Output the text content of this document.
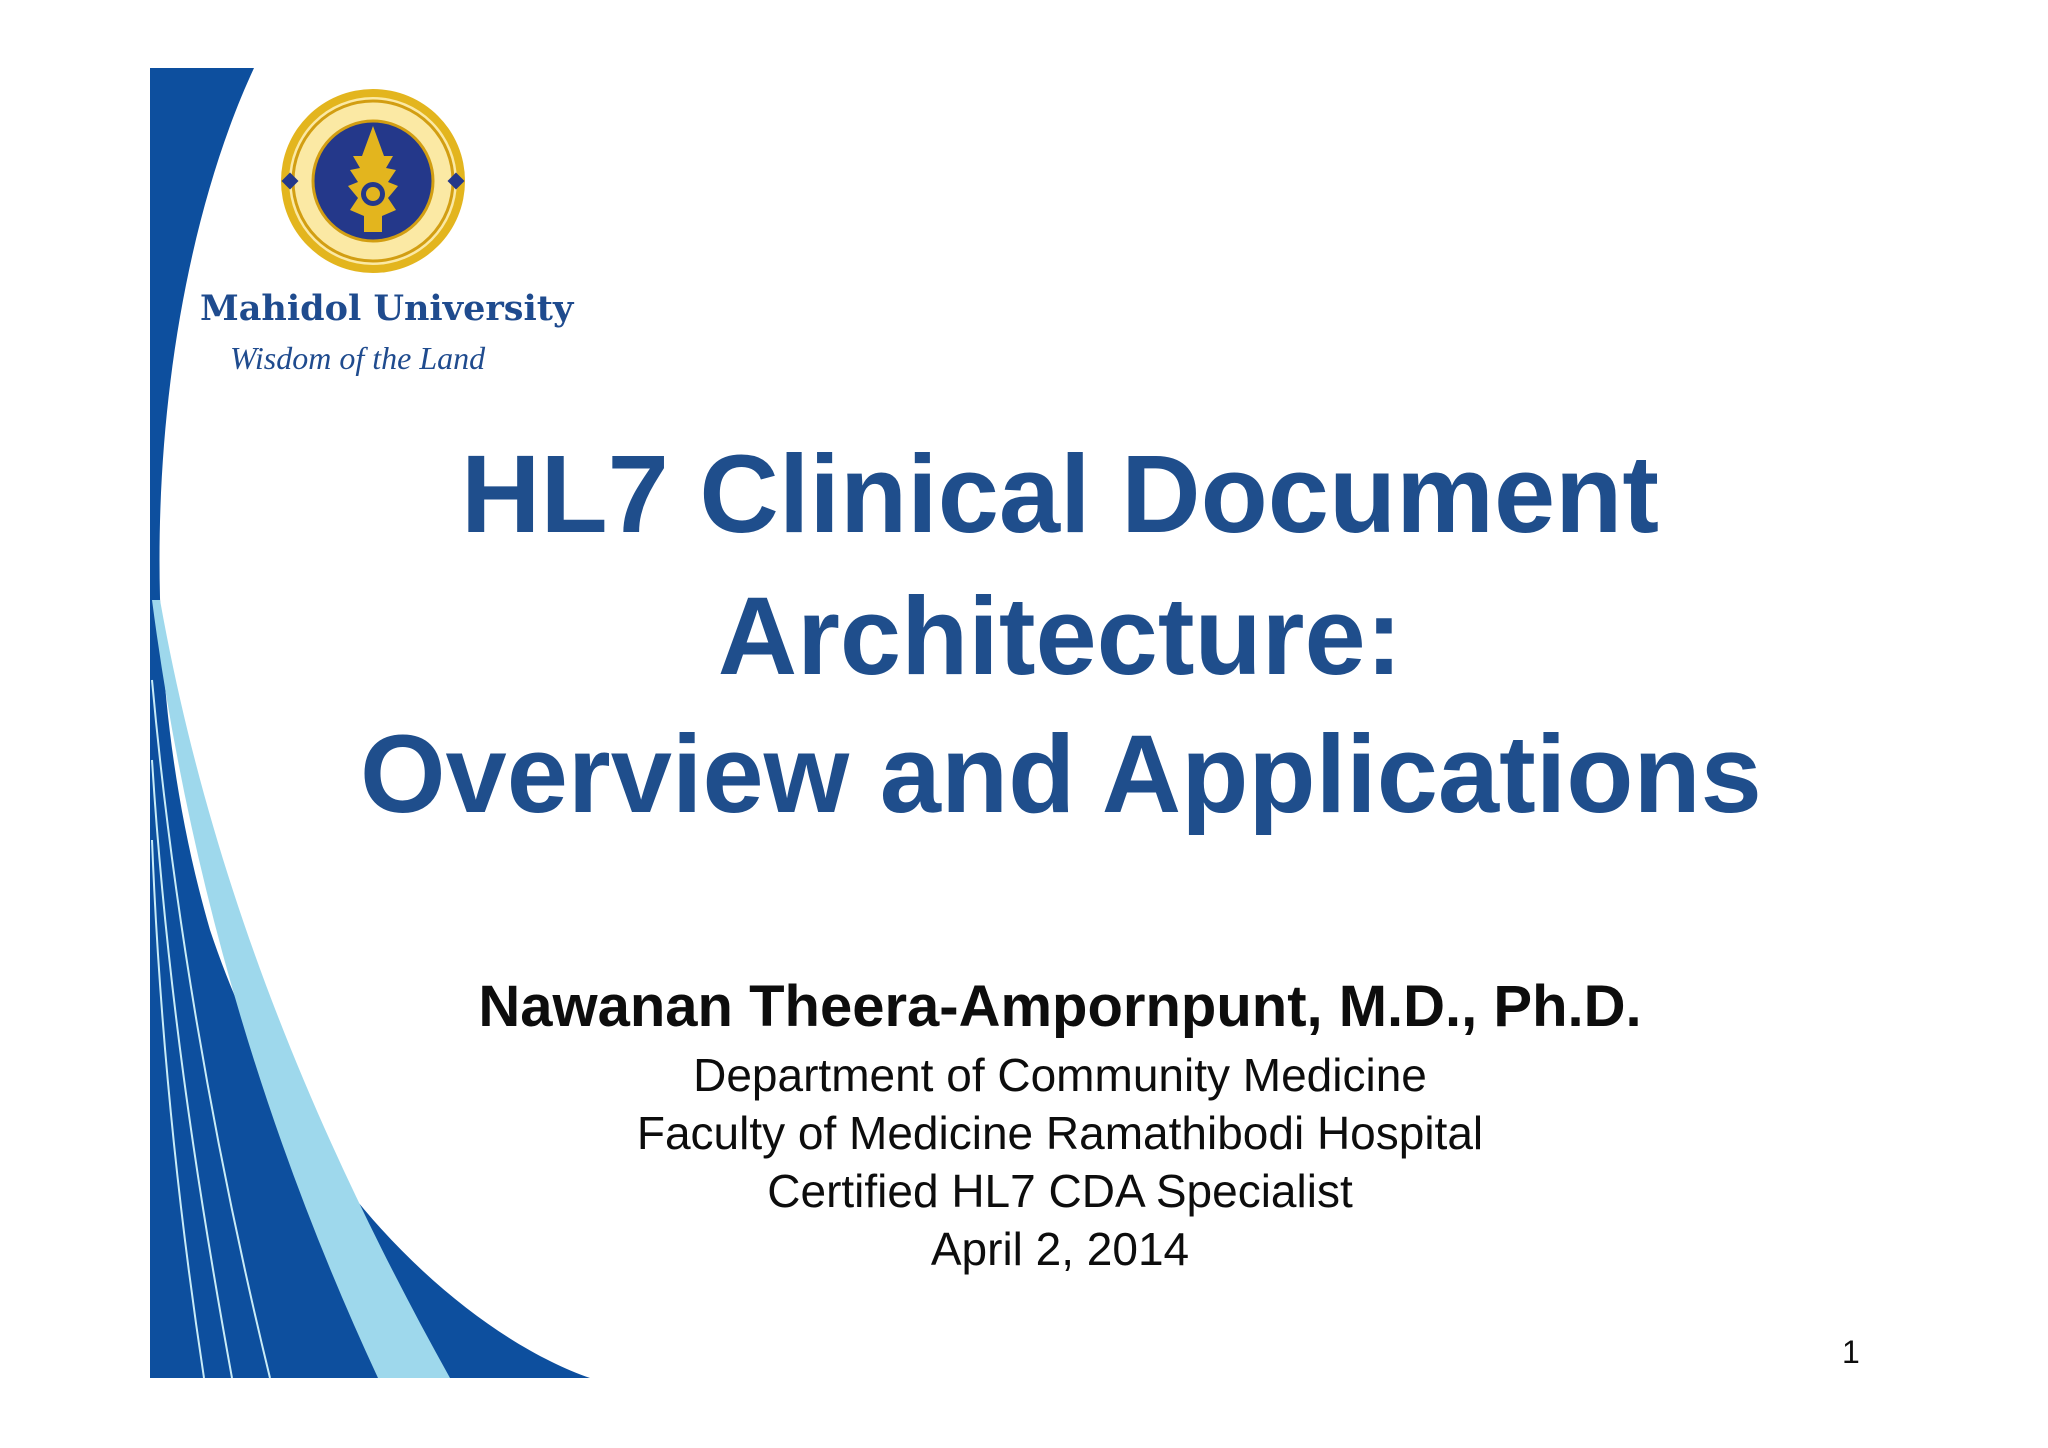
Mahidol University
Wisdom of the Land
HL7 Clinical Document
Architecture:
Overview and Applications
Nawanan Theera-Ampornpunt, M.D., Ph.D.
Department of Community Medicine
Faculty of Medicine Ramathibodi Hospital
Certified HL7 CDA Specialist
April 2, 2014
1
